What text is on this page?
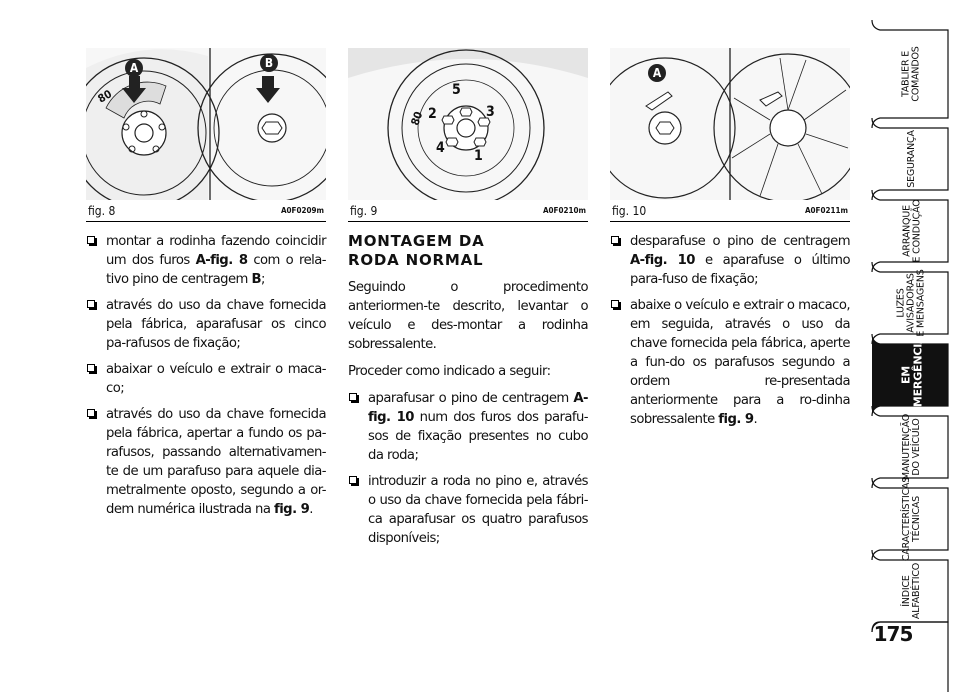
fig. 8	A0F0209m
A	B
80
fig. 9	A0F0210m
80
5
2	3
4 1
fig. 10	A0F0211m
A
montar a rodinha fazendo coincidir um dos furos A-fig. 8 com o rela-tivo pino de centragem B;
através do uso da chave fornecida pela fábrica, aparafusar os cinco pa-rafusos de fixação;
abaixar o veículo e extrair o maca-co;
através do uso da chave fornecida pela fábrica, apertar a fundo os pa-rafusos, passando alternativamen-te de um parafuso para aquele dia-metralmente oposto, segundo a or-dem numérica ilustrada na fig. 9.
MONTAGEM DA
RODA NORMAL
Seguindo o procedimento anteriormen-te descrito, levantar o veículo e des-montar a rodinha sobressalente.
Proceder como indicado a seguir:
aparafusar o pino de centragem A-fig. 10 num dos furos dos parafu-sos de fixação presentes no cubo da roda;
introduzir a roda no pino e, através o uso da chave fornecida pela fábri-ca aparafusar os quatro parafusos disponíveis;
desparafuse o pino de centragem A-fig. 10 e aparafuse o último para-fuso de fixação;
abaixe o veículo e extrair o macaco, em seguida, através o uso da chave fornecida pela fábrica, aperte a fun-do os parafusos segundo a ordem re-presentada anteriormente para a ro-dinha sobressalente fig. 9.
TABLIER E
COMANDOS
SEGURANÇA
ARRANQUE
E CONDUÇÃO
LUZES
AVISADORAS
E MENSAGENS
EM
EMERGÊNCIA
MANUTENÇÃO
DO VEÍCULO
CARACTERÍSTICAS
TÉCNICAS
ÍNDICE
ALFABÉTICO
175
